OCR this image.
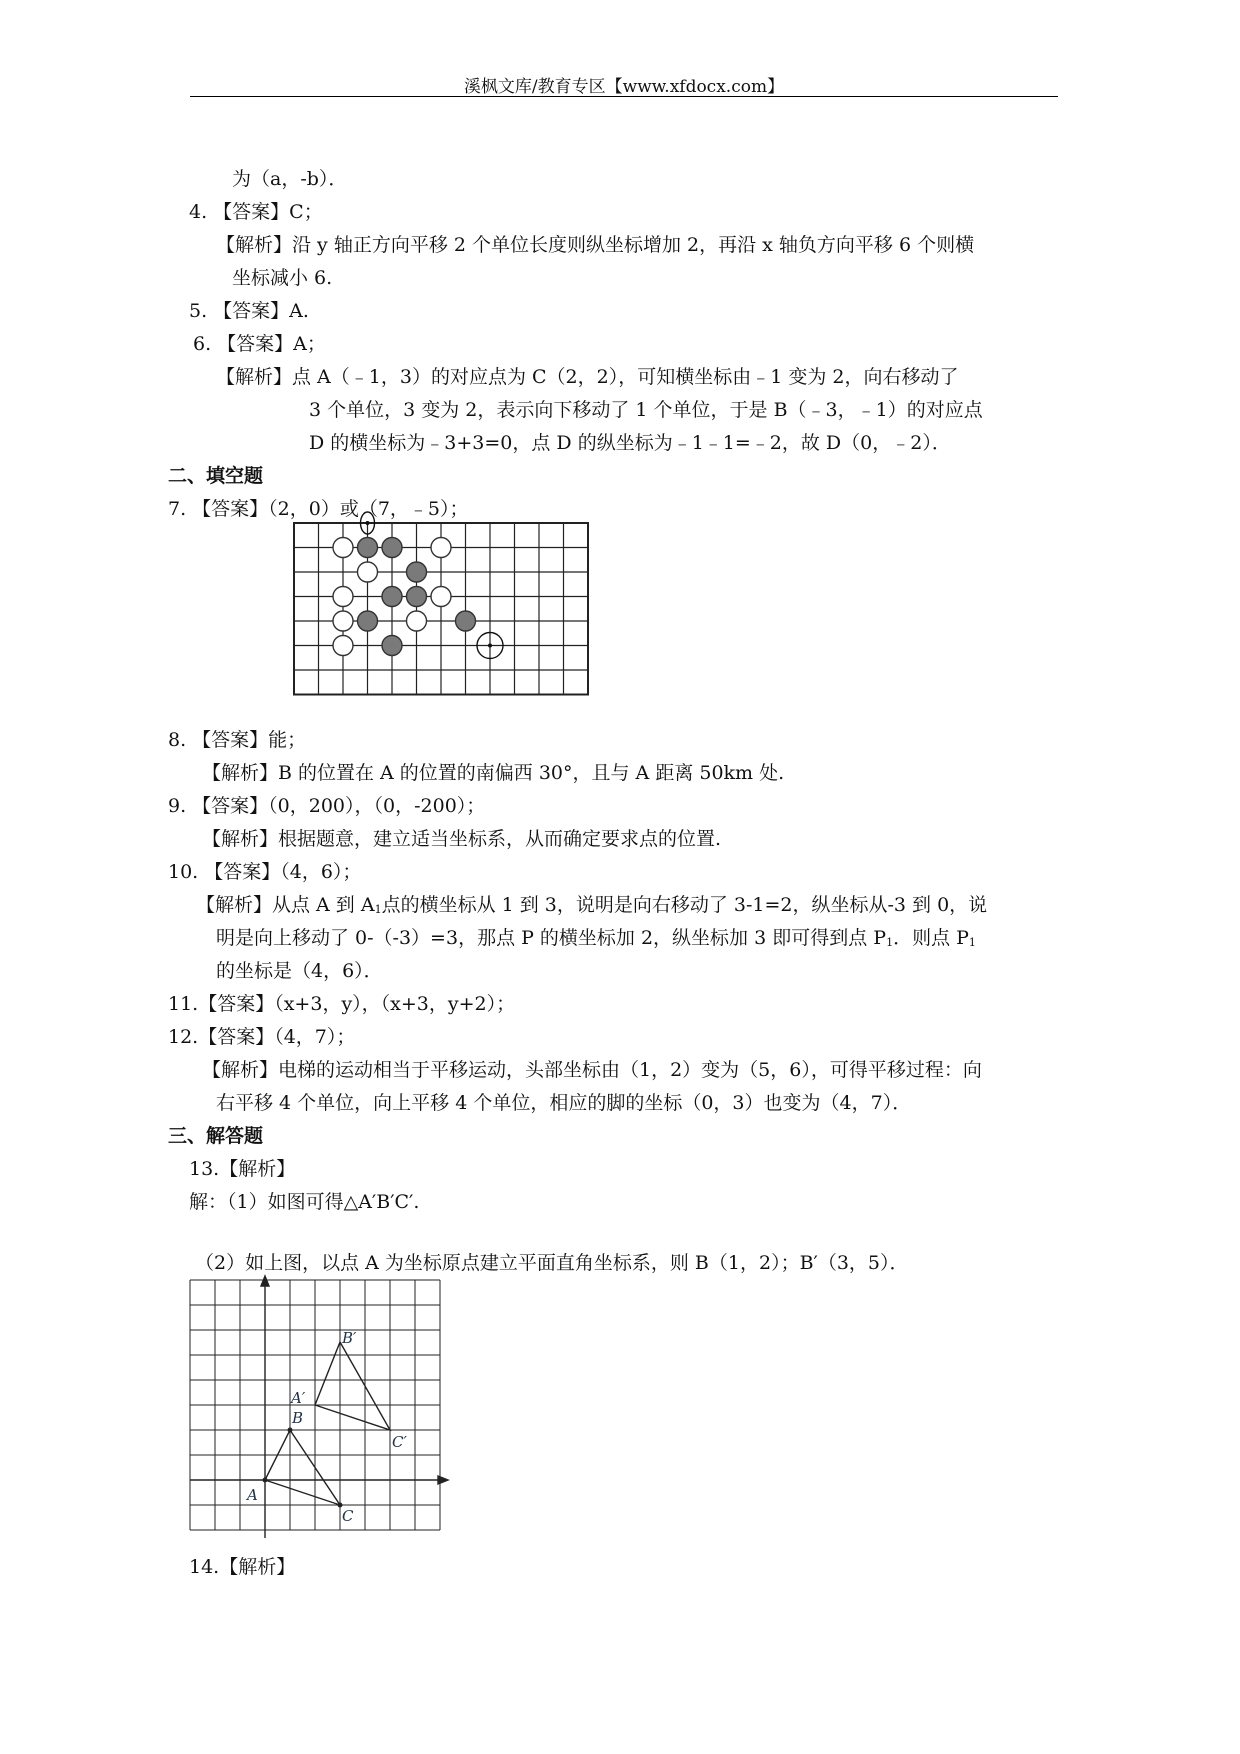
溪枫文库/教育专区【www.xfdocx.com】
为（a，-b）．
4. 【答案】C；
【解析】沿 y 轴正方向平移 2 个单位长度则纵坐标增加 2，再沿 x 轴负方向平移 6 个则横
坐标减小 6.
5. 【答案】A.
6. 【答案】A；
【解析】点 A（﹣1，3）的对应点为 C（2，2），可知横坐标由﹣1 变为 2，向右移动了
3 个单位，3 变为 2，表示向下移动了 1 个单位，于是 B（﹣3，﹣1）的对应点
D 的横坐标为﹣3+3=0，点 D 的纵坐标为﹣1﹣1=﹣2，故 D（0，﹣2）．
二、填空题
7. 【答案】（2，0）或（7，﹣5）；
8. 【答案】能；
【解析】B 的位置在 A 的位置的南偏西 30°，且与 A 距离 50km 处.
9. 【答案】（0，200），（0，-200）；
【解析】根据题意，建立适当坐标系，从而确定要求点的位置.
10. 【答案】（4，6）；
【解析】从点 A 到 $A_1$点的横坐标从 1 到 3，说明是向右移动了 3-1=2，纵坐标从-3 到 0，说
明是向上移动了 0-（-3）=3，那点 P 的横坐标加 2，纵坐标加 3 即可得到点 $P_1$．则点 $P_1$
的坐标是（4，6）．
11.【答案】（x+3，y），（x+3，y+2）；
12.【答案】（4，7）；
【解析】电梯的运动相当于平移运动，头部坐标由（1，2）变为（5，6），可得平移过程：向
右平移 4 个单位，向上平移 4 个单位，相应的脚的坐标（0，3）也变为（4，7）．
三、解答题
13.【解析】
解：（1）如图可得△A′B′C′.
（2）如上图，以点 A 为坐标原点建立平面直角坐标系，则 B（1，2）；B′（3，5）．
A
B
C
A′
B′
C′
14.【解析】
